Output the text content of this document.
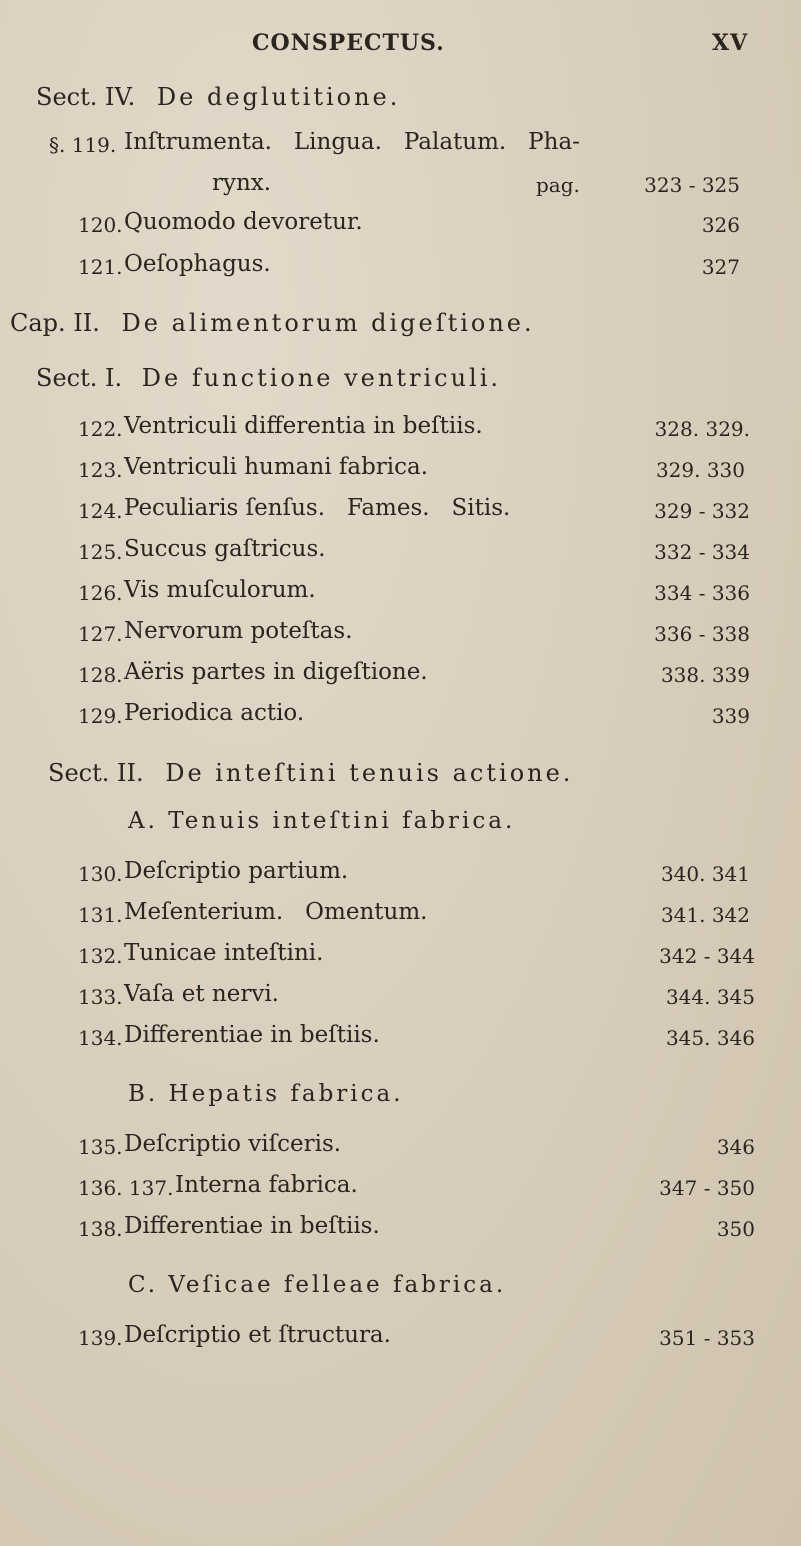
CONSPECTUS.	XV
Sect. IV. De deglutitione.
§. 119. Inſtrumenta.   Lingua.   Palatum.   Pha-
rynx.	pag.	323 - 325
120. Quomodo devoretur.	326
121. Oeſophagus.	327
Cap. II. De alimentorum digeſtione.
Sect. I. De functione ventriculi.
122. Ventriculi differentia in beſtiis.	328. 329.
123. Ventriculi humani fabrica.	329. 330
124. Peculiaris ſenſus.   Fames.   Sitis.	329 - 332
125. Succus gaſtricus.	332 - 334
126. Vis muſculorum.	334 - 336
127. Nervorum poteſtas.	336 - 338
128. Aëris partes in digeſtione.	338. 339
129. Periodica actio.	339
Sect. II. De inteſtini tenuis actione.
A. Tenuis inteſtini fabrica.
130. Deſcriptio partium.	340. 341
131. Meſenterium.   Omentum.	341. 342
132. Tunicae inteſtini.	342 - 344
133. Vaſa et nervi.	344. 345
134. Differentiae in beſtiis.	345. 346
B. Hepatis fabrica.
135. Deſcriptio viſceris.	346
136. 137. Interna fabrica.	347 - 350
138. Differentiae in beſtiis.	350
C. Veſicae felleae fabrica.
139. Deſcriptio et ſtructura.	351 - 353
